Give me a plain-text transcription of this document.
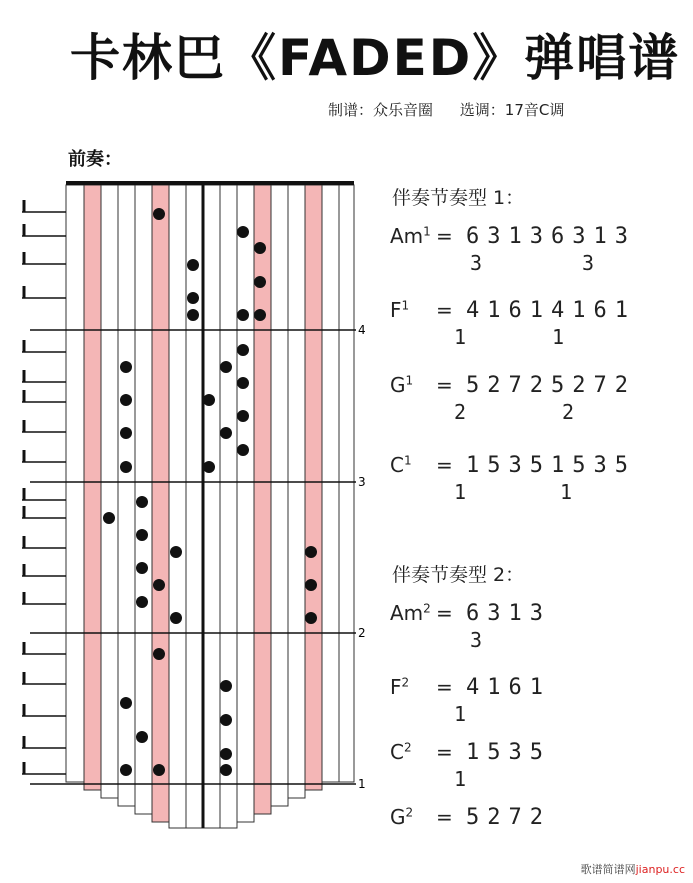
卡林巴《FADED》弹唱谱
制谱：众乐音圈 选调：17音C调
前奏：
4
3
2
1
伴奏节奏型 1：
$Am^1 = 63136313$
3	3
$F^1 = 41614161$
1	1
$G^1 = 52725272$
2	2
$C^1 = 15351535$
1	1
伴奏节奏型 2：
$Am^2 = 6313$
3
$F^2 = 4161$
1
$C^2 = 1535$
1
$G^2 = 5272$
歌谱简谱网jianpu.cc
